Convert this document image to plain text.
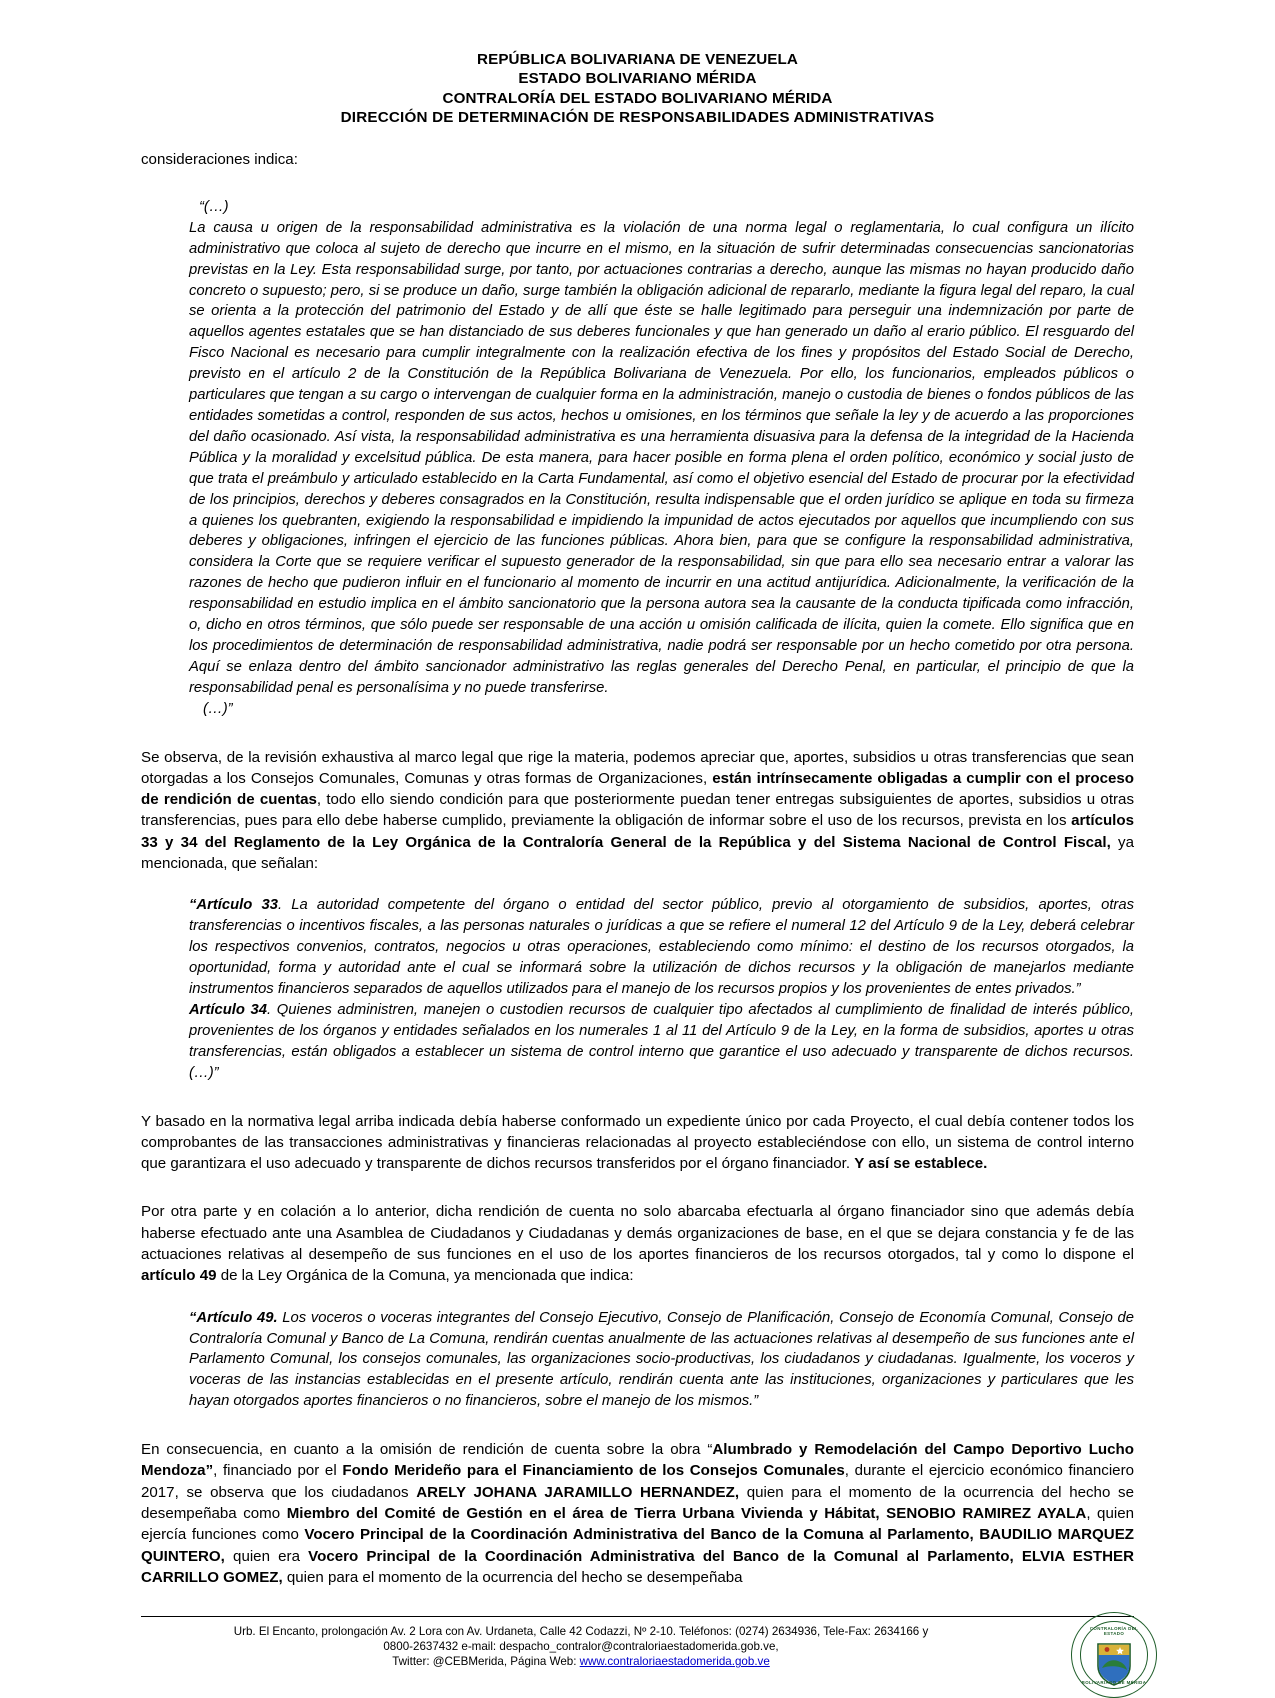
REPÚBLICA BOLIVARIANA DE VENEZUELA
ESTADO BOLIVARIANO MÉRIDA
CONTRALORÍA DEL ESTADO BOLIVARIANO MÉRIDA
DIRECCIÓN DE DETERMINACIÓN DE RESPONSABILIDADES ADMINISTRATIVAS

consideraciones indica:

“(…)

La causa u origen de la responsabilidad administrativa es la violación de una norma legal o reglamentaria, lo cual configura un ilícito administrativo que coloca al sujeto de derecho que incurre en el mismo, en la situación de sufrir determinadas consecuencias sancionatorias previstas en la Ley. Esta responsabilidad surge, por tanto, por actuaciones contrarias a derecho, aunque las mismas no hayan producido daño concreto o supuesto; pero, si se produce un daño, surge también la obligación adicional de repararlo, mediante la figura legal del reparo, la cual se orienta a la protección del patrimonio del Estado y de allí que éste se halle legitimado para perseguir una indemnización por parte de aquellos agentes estatales que se han distanciado de sus deberes funcionales y que han generado un daño al erario público. El resguardo del Fisco Nacional es necesario para cumplir integralmente con la realización efectiva de los fines y propósitos del Estado Social de Derecho, previsto en el artículo 2 de la Constitución de la República Bolivariana de Venezuela. Por ello, los funcionarios, empleados públicos o particulares que tengan a su cargo o intervengan de cualquier forma en la administración, manejo o custodia de bienes o fondos públicos de las entidades sometidas a control, responden de sus actos, hechos u omisiones, en los términos que señale la ley y de acuerdo a las proporciones del daño ocasionado. Así vista, la responsabilidad administrativa es una herramienta disuasiva para la defensa de la integridad de la Hacienda Pública y la moralidad y excelsitud pública. De esta manera, para hacer posible en forma plena el orden político, económico y social justo de que trata el preámbulo y articulado establecido en la Carta Fundamental, así como el objetivo esencial del Estado de procurar por la efectividad de los principios, derechos y deberes consagrados en la Constitución, resulta indispensable que el orden jurídico se aplique en toda su firmeza a quienes los quebranten, exigiendo la responsabilidad e impidiendo la impunidad de actos ejecutados por aquellos que incumpliendo con sus deberes y obligaciones, infringen el ejercicio de las funciones públicas. Ahora bien, para que se configure la responsabilidad administrativa, considera la Corte que se requiere verificar el supuesto generador de la responsabilidad, sin que para ello sea necesario entrar a valorar las razones de hecho que pudieron influir en el funcionario al momento de incurrir en una actitud antijurídica. Adicionalmente, la verificación de la responsabilidad en estudio implica en el ámbito sancionatorio que la persona autora sea la causante de la conducta tipificada como infracción, o, dicho en otros términos, que sólo puede ser responsable de una acción u omisión calificada de ilícita, quien la comete. Ello significa que en los procedimientos de determinación de responsabilidad administrativa, nadie podrá ser responsable por un hecho cometido por otra persona. Aquí se enlaza dentro del ámbito sancionador administrativo las reglas generales del Derecho Penal, en particular, el principio de que la responsabilidad penal es personalísima y no puede transferirse.

(…)”

Se observa, de la revisión exhaustiva al marco legal que rige la materia, podemos apreciar que, aportes, subsidios u otras transferencias que sean otorgadas a los Consejos Comunales, Comunas y otras formas de Organizaciones, están intrínsecamente obligadas a cumplir con el proceso de rendición de cuentas, todo ello siendo condición para que posteriormente puedan tener entregas subsiguientes de aportes, subsidios u otras transferencias, pues para ello debe haberse cumplido, previamente la obligación de informar sobre el uso de los recursos, prevista en los artículos 33 y 34 del Reglamento de la Ley Orgánica de la Contraloría General de la República y del Sistema Nacional de Control Fiscal, ya mencionada, que señalan:

“Artículo 33. La autoridad competente del órgano o entidad del sector público, previo al otorgamiento de subsidios, aportes, otras transferencias o incentivos fiscales, a las personas naturales o jurídicas a que se refiere el numeral 12 del Artículo 9 de la Ley, deberá celebrar los respectivos convenios, contratos, negocios u otras operaciones, estableciendo como mínimo: el destino de los recursos otorgados, la oportunidad, forma y autoridad ante el cual se informará sobre la utilización de dichos recursos y la obligación de manejarlos mediante instrumentos financieros separados de aquellos utilizados para el manejo de los recursos propios y los provenientes de entes privados.”

Artículo 34. Quienes administren, manejen o custodien recursos de cualquier tipo afectados al cumplimiento de finalidad de interés público, provenientes de los órganos y entidades señalados en los numerales 1 al 11 del Artículo 9 de la Ley, en la forma de subsidios, aportes u otras transferencias, están obligados a establecer un sistema de control interno que garantice el uso adecuado y transparente de dichos recursos. (…)”

Y basado en la normativa legal arriba indicada debía haberse conformado un expediente único por cada Proyecto, el cual debía contener todos los comprobantes de las transacciones administrativas y financieras relacionadas al proyecto estableciéndose con ello, un sistema de control interno que garantizara el uso adecuado y transparente de dichos recursos transferidos por el órgano financiador. Y así se establece.

Por otra parte y en colación a lo anterior, dicha rendición de cuenta no solo abarcaba efectuarla al órgano financiador sino que además debía haberse efectuado ante una Asamblea de Ciudadanos y Ciudadanas y demás organizaciones de base, en el que se dejara constancia y fe de las actuaciones relativas al desempeño de sus funciones en el uso de los aportes financieros de los recursos otorgados, tal y como lo dispone el artículo 49 de la Ley Orgánica de la Comuna, ya mencionada que indica:

“Artículo 49. Los voceros o voceras integrantes del Consejo Ejecutivo, Consejo de Planificación, Consejo de Economía Comunal, Consejo de Contraloría Comunal y Banco de La Comuna, rendirán cuentas anualmente de las actuaciones relativas al desempeño de sus funciones ante el Parlamento Comunal, los consejos comunales, las organizaciones socio-productivas, los ciudadanos y ciudadanas. Igualmente, los voceros y voceras de las instancias establecidas en el presente artículo, rendirán cuenta ante las instituciones, organizaciones y particulares que les hayan otorgados aportes financieros o no financieros, sobre el manejo de los mismos.”

En consecuencia, en cuanto a la omisión de rendición de cuenta sobre la obra “Alumbrado y Remodelación del Campo Deportivo Lucho Mendoza”, financiado por el Fondo Merideño para el Financiamiento de los Consejos Comunales, durante el ejercicio económico financiero 2017, se observa que los ciudadanos ARELY JOHANA JARAMILLO HERNANDEZ, quien para el momento de la ocurrencia del hecho se desempeñaba como Miembro del Comité de Gestión en el área de Tierra Urbana Vivienda y Hábitat, SENOBIO RAMIREZ AYALA, quien ejercía funciones como Vocero Principal de la Coordinación Administrativa del Banco de la Comuna al Parlamento, BAUDILIO MARQUEZ QUINTERO, quien era Vocero Principal de la Coordinación Administrativa del Banco de la Comunal al Parlamento, ELVIA ESTHER CARRILLO GOMEZ, quien para el momento de la ocurrencia del hecho se desempeñaba

Urb. El Encanto, prolongación Av. 2 Lora con Av. Urdaneta, Calle 42 Codazzi, Nº 2-10. Teléfonos: (0274) 2634936, Tele-Fax: 2634166 y
0800-2637432 e-mail: despacho_contralor@contraloriaestadomerida.gob.ve,
Twitter: @CEBMerida, Página Web: www.contraloriaestadomerida.gob.ve
CONTRALORÍA DEL ESTADO
BOLIVARIANO DE MÉRIDA
